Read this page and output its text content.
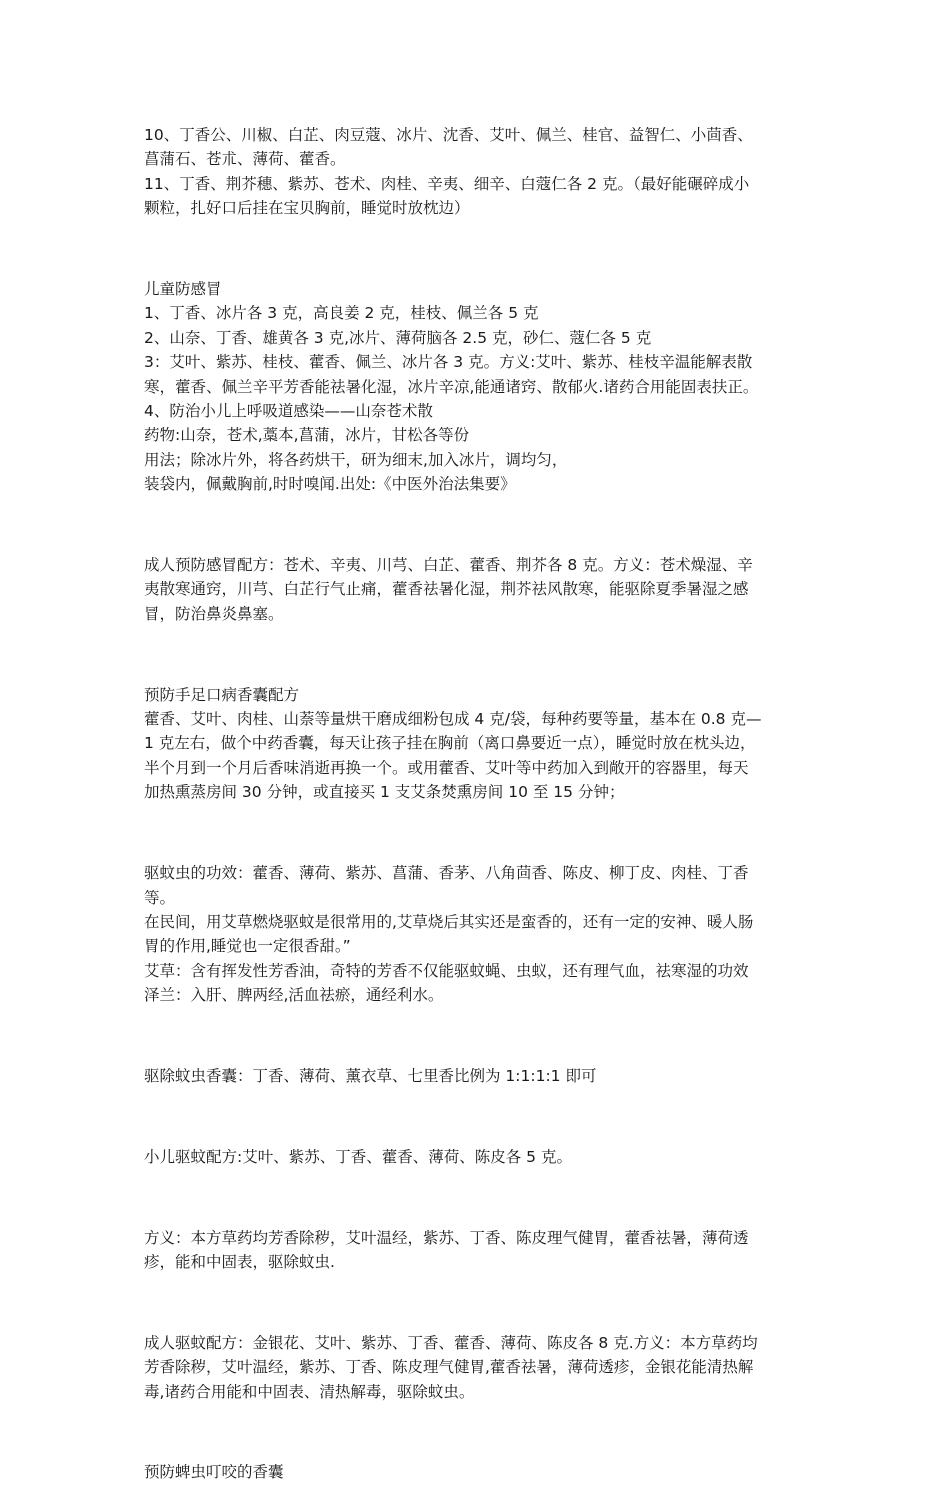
10、丁香公、川椒、白芷、肉豆蔻、冰片、沈香、艾叶、佩兰、桂官、益智仁、小茴香、

菖蒲石、苍朮、薄荷、藿香。

11、丁香、荆芥穗、紫苏、苍术、肉桂、辛夷、细辛、白蔻仁各 2 克。（最好能碾碎成小

颗粒，扎好口后挂在宝贝胸前，睡觉时放枕边）

儿童防感冒

1、丁香、冰片各 3 克，高良姜 2 克，桂枝、佩兰各 5 克

2、山奈、丁香、雄黄各 3 克,冰片、薄荷脑各 2.5 克，砂仁、蔻仁各 5 克

3：艾叶、紫苏、桂枝、藿香、佩兰、冰片各 3 克。方义:艾叶、紫苏、桂枝辛温能解表散

寒，藿香、佩兰辛平芳香能祛暑化湿，冰片辛凉,能通诸窍、散郁火.诸药合用能固表扶正。

4、防治小儿上呼吸道感染——山奈苍术散

药物:山奈，苍术,藁本,菖蒲，冰片，甘松各等份

用法；除冰片外，将各药烘干，研为细末,加入冰片，调均匀，

装袋内，佩戴胸前,时时嗅闻.出处:《中医外治法集要》

成人预防感冒配方：苍术、辛夷、川芎、白芷、藿香、荆芥各 8 克。方义：苍术燥湿、辛

夷散寒通窍，川芎、白芷行气止痛，藿香祛暑化湿，荆芥祛风散寒，能驱除夏季暑湿之感

冒，防治鼻炎鼻塞。

预防手足口病香囊配方

藿香、艾叶、肉桂、山萘等量烘干磨成细粉包成 4 克/袋，每种药要等量，基本在 0.8 克—

1 克左右，做个中药香囊，每天让孩子挂在胸前（离口鼻要近一点），睡觉时放在枕头边，

半个月到一个月后香味消逝再换一个。或用藿香、艾叶等中药加入到敞开的容器里，每天

加热熏蒸房间 30 分钟，或直接买 1 支艾条焚熏房间 10 至 15 分钟；

驱蚊虫的功效：藿香、薄荷、紫苏、菖蒲、香茅、八角茴香、陈皮、柳丁皮、肉桂、丁香

等。

在民间，用艾草燃烧驱蚊是很常用的,艾草烧后其实还是蛮香的，还有一定的安神、暖人肠

胃的作用,睡觉也一定很香甜。”

艾草：含有挥发性芳香油，奇特的芳香不仅能驱蚊蝇、虫蚁，还有理气血，祛寒湿的功效

泽兰：入肝、脾两经,活血祛瘀，通经利水。

驱除蚊虫香囊：丁香、薄荷、薰衣草、七里香比例为 1:1:1:1 即可

小儿驱蚊配方:艾叶、紫苏、丁香、藿香、薄荷、陈皮各 5 克。

方义：本方草药均芳香除秽，艾叶温经，紫苏、丁香、陈皮理气健胃，藿香祛暑，薄荷透

疹，能和中固表，驱除蚊虫.

成人驱蚊配方：金银花、艾叶、紫苏、丁香、藿香、薄荷、陈皮各 8 克.方义：本方草药均

芳香除秽，艾叶温经，紫苏、丁香、陈皮理气健胃,藿香祛暑，薄荷透疹，金银花能清热解

毒,诸药合用能和中固表、清热解毒，驱除蚊虫。

预防蜱虫叮咬的香囊
